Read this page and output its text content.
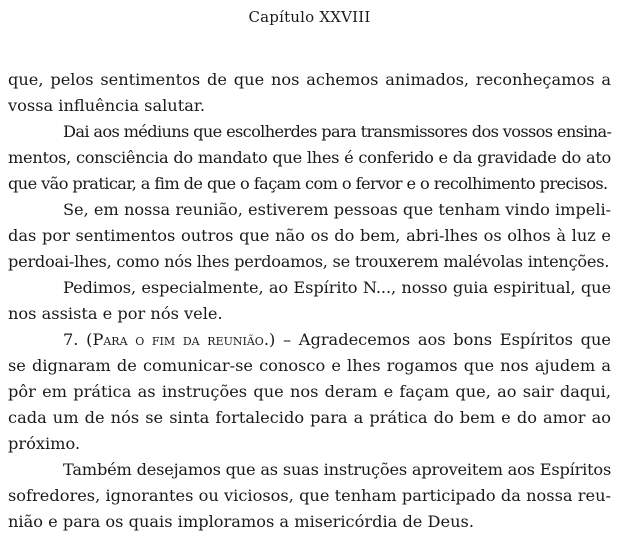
Capítulo XXVIII
que, pelos sentimentos de que nos achemos animados, reconheçamos a
vossa influência salutar.
Dai aos médiuns que escolherdes para transmissores dos vossos ensina-
mentos, consciência do mandato que lhes é conferido e da gravidade do ato
que vão praticar, a fim de que o façam com o fervor e o recolhimento precisos.
Se, em nossa reunião, estiverem pessoas que tenham vindo impeli-
das por sentimentos outros que não os do bem, abri-lhes os olhos à luz e
perdoai-lhes, como nós lhes perdoamos, se trouxerem malévolas intenções.
Pedimos, especialmente, ao Espírito N..., nosso guia espiritual, que
nos assista e por nós vele.
7. (Para o fim da reunião.) – Agradecemos aos bons Espíritos que
se dignaram de comunicar-se conosco e lhes rogamos que nos ajudem a
pôr em prática as instruções que nos deram e façam que, ao sair daqui,
cada um de nós se sinta fortalecido para a prática do bem e do amor ao
próximo.
Também desejamos que as suas instruções aproveitem aos Espíritos
sofredores, ignorantes ou viciosos, que tenham participado da nossa reu-
nião e para os quais imploramos a misericórdia de Deus.
